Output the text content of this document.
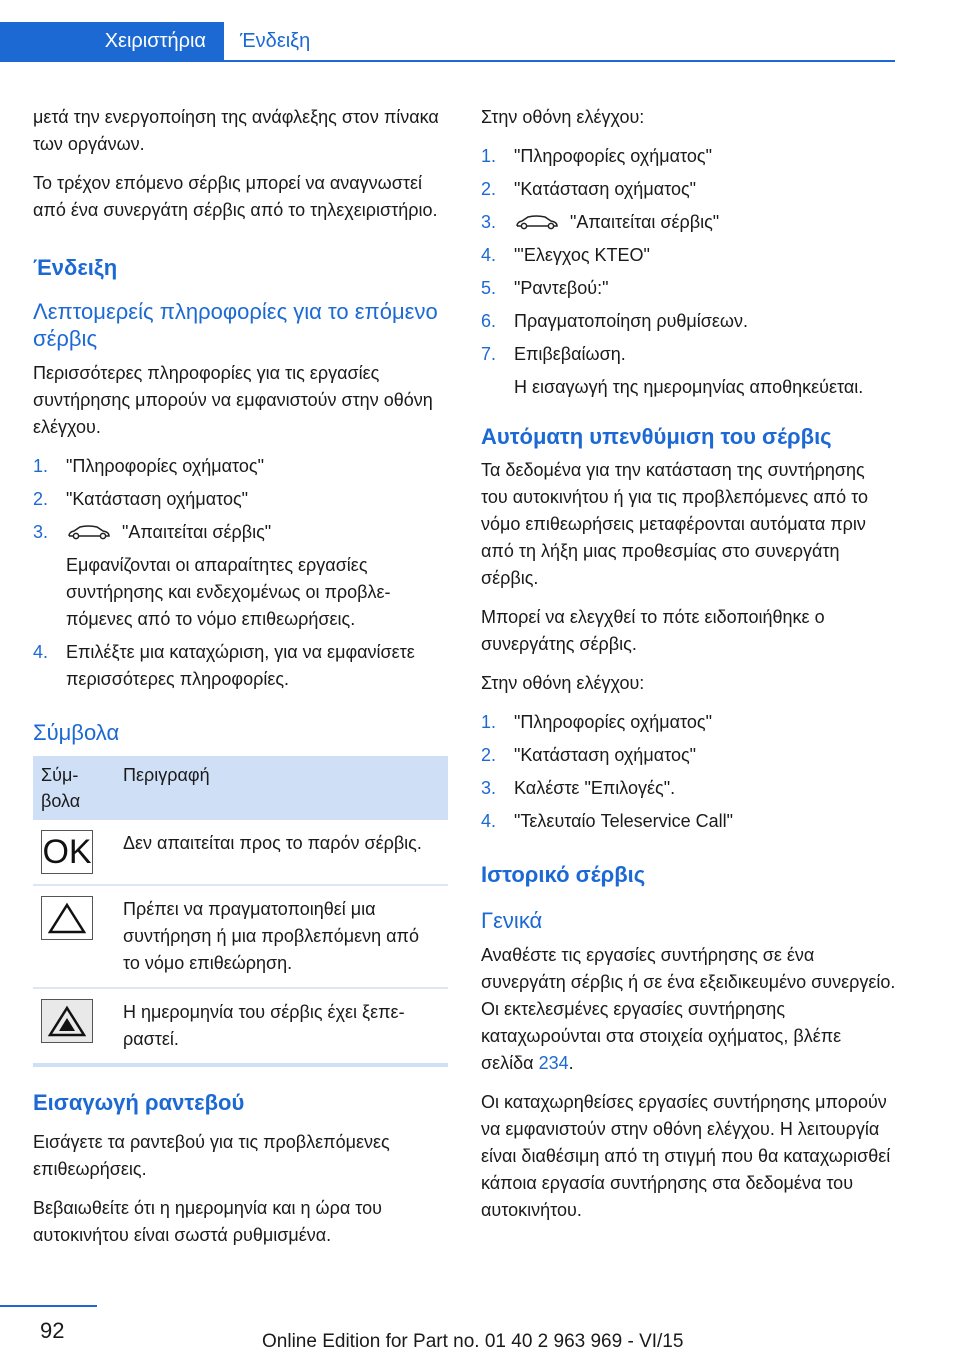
Χειριστήρια	Ένδειξη

μετά την ενεργοποίηση της ανάφλεξης στον πίνακα των οργάνων.

Το τρέχον επόμενο σέρβις μπορεί να αναγνωστεί από ένα συνεργάτη σέρβις από το τηλεχειριστήριο.

Ένδειξη
Λεπτομερείς πληροφορίες για το επόμενο σέρβις

Περισσότερες πληροφορίες για τις εργασίες συντήρησης μπορούν να εμφανιστούν στην οθόνη ελέγχου.

1. "Πληροφορίες οχήματος"
2. "Κατάσταση οχήματος"
3.	"Απαιτείται σέρβις"
Εμφανίζονται οι απαραίτητες εργασίες συντήρησης και ενδεχομένως οι προβλεπόμενες από το νόμο επιθεωρήσεις.
4. Επιλέξτε μια καταχώριση, για να εμφανίσετε περισσότερες πληροφορίες.
Σύμβολα
Σύμβολα	Περιγραφή

OK	Δεν απαιτείται προς το παρόν σέρβις.

	Πρέπει να πραγματοποιηθεί μια συντήρηση ή μια προβλεπόμενη από το νόμο επιθεώρηση.

	Η ημερομηνία του σέρβις έχει ξεπεραστεί.
Εισαγωγή ραντεβού

Εισάγετε τα ραντεβού για τις προβλεπόμενες επιθεωρήσεις.

Βεβαιωθείτε ότι η ημερομηνία και η ώρα του αυτοκινήτου είναι σωστά ρυθμισμένα.

Στην οθόνη ελέγχου:

1. "Πληροφορίες οχήματος"
2. "Κατάσταση οχήματος"
3.	"Απαιτείται σέρβις"
4. "'Ελεγχος ΚΤΕΟ"
5. "Ραντεβού:"
6. Πραγματοποίηση ρυθμίσεων.
7. Επιβεβαίωση.
Η εισαγωγή της ημερομηνίας αποθηκεύεται.
Αυτόματη υπενθύμιση του σέρβις

Τα δεδομένα για την κατάσταση της συντήρησης του αυτοκινήτου ή για τις προβλεπόμενες από το νόμο επιθεωρήσεις μεταφέρονται αυτόματα πριν από τη λήξη μιας προθεσμίας στο συνεργάτη σέρβις.

Μπορεί να ελεγχθεί το πότε ειδοποιήθηκε ο συνεργάτης σέρβις.

Στην οθόνη ελέγχου:

1. "Πληροφορίες οχήματος"
2. "Κατάσταση οχήματος"
3. Καλέστε "Επιλογές".
4. "Τελευταίο Teleservice Call"
Ιστορικό σέρβις
Γενικά

Αναθέστε τις εργασίες συντήρησης σε ένα συνεργάτη σέρβις ή σε ένα εξειδικευμένο συνεργείο. Οι εκτελεσμένες εργασίες συντήρησης καταχωρούνται στα στοιχεία οχήματος, βλέπε σελίδα 234.

Οι καταχωρηθείσες εργασίες συντήρησης μπορούν να εμφανιστούν στην οθόνη ελέγχου. Η λειτουργία είναι διαθέσιμη από τη στιγμή που θα καταχωρισθεί κάποια εργασία συντήρησης στα δεδομένα του αυτοκινήτου.

92	Online Edition for Part no. 01 40 2 963 969 - VI/15
